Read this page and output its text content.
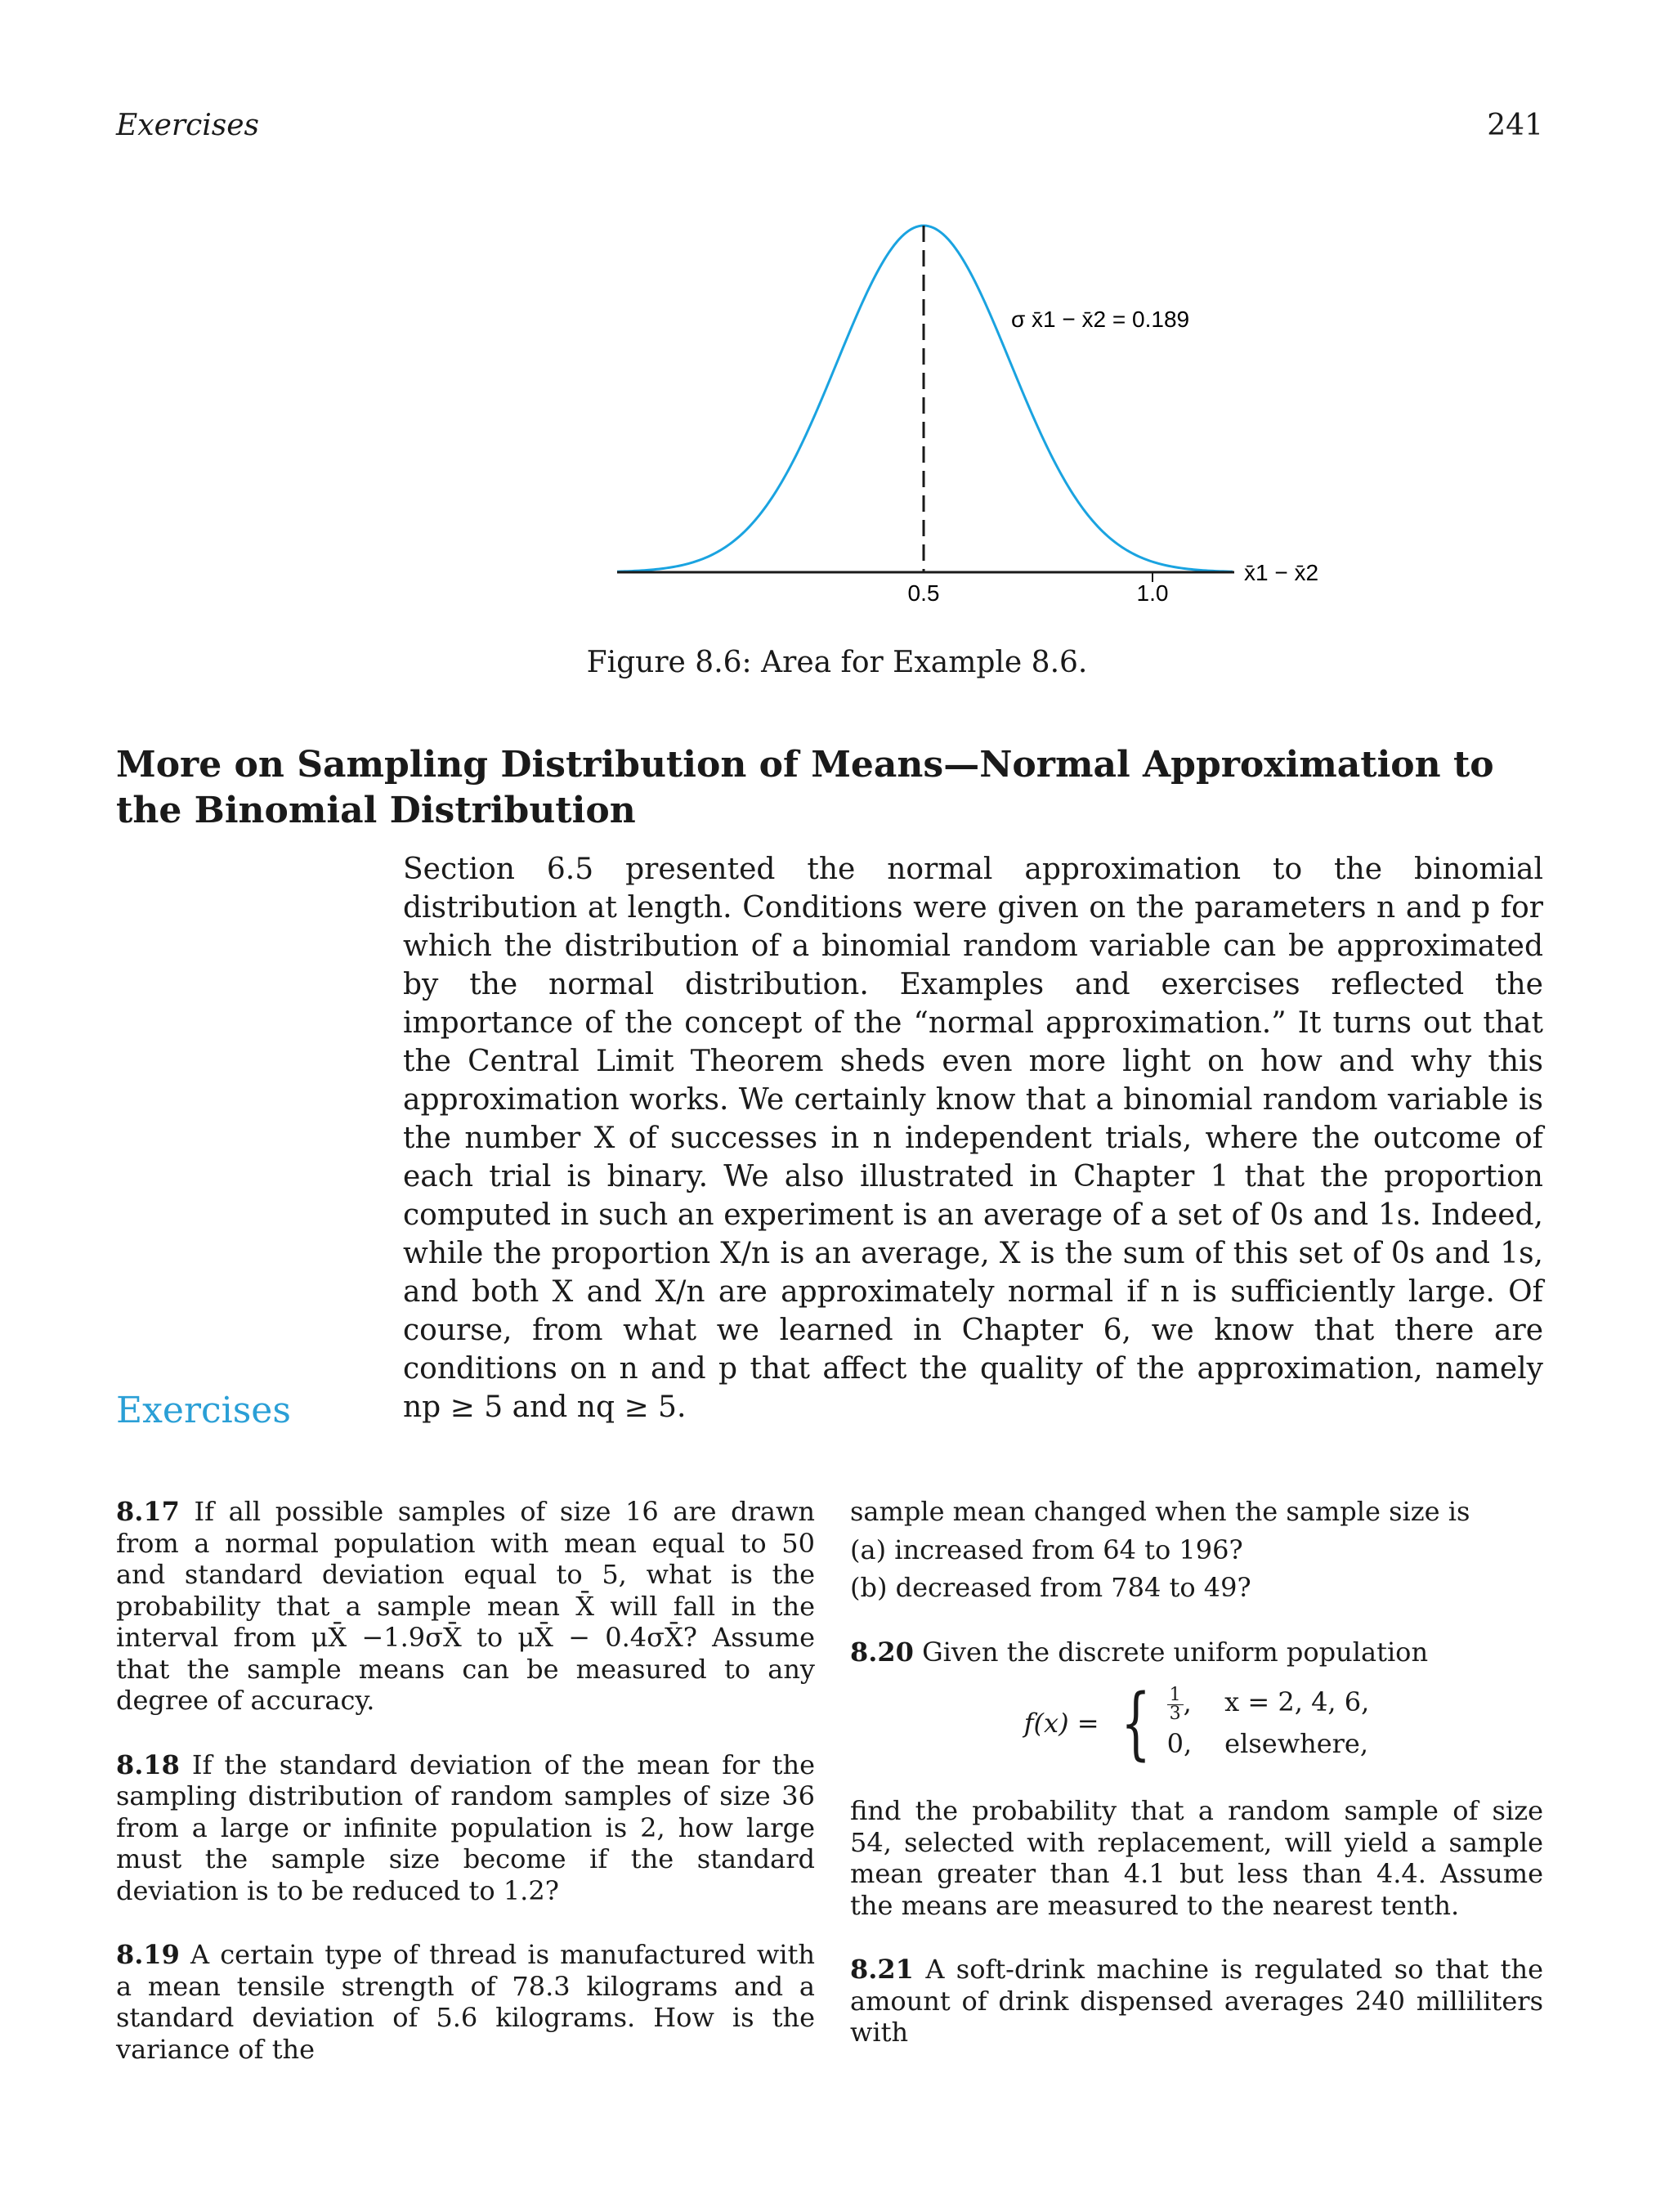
Exercises	241
0.5	1.0
x̄1 − x̄2
σ x̄1 − x̄2 = 0.189
Figure 8.6: Area for Example 8.6.
More on Sampling Distribution of Means—Normal Approximation to the Binomial Distribution
Section 6.5 presented the normal approximation to the binomial distribution at length. Conditions were given on the parameters n and p for which the distribution of a binomial random variable can be approximated by the normal distribution. Examples and exercises reflected the importance of the concept of the “normal approximation.” It turns out that the Central Limit Theorem sheds even more light on how and why this approximation works. We certainly know that a binomial random variable is the number X of successes in n independent trials, where the outcome of each trial is binary. We also illustrated in Chapter 1 that the proportion computed in such an experiment is an average of a set of 0s and 1s. Indeed, while the proportion X/n is an average, X is the sum of this set of 0s and 1s, and both X and X/n are approximately normal if n is sufficiently large. Of course, from what we learned in Chapter 6, we know that there are conditions on n and p that affect the quality of the approximation, namely np ≥ 5 and nq ≥ 5.
Exercises

8.17 If all possible samples of size 16 are drawn from a normal population with mean equal to 50 and standard deviation equal to 5, what is the probability that a sample mean X̄ will fall in the interval from μX̄ −1.9σX̄ to μX̄ − 0.4σX̄? Assume that the sample means can be measured to any degree of accuracy.

8.18 If the standard deviation of the mean for the sampling distribution of random samples of size 36 from a large or infinite population is 2, how large must the sample size become if the standard deviation is to be reduced to 1.2?

8.19 A certain type of thread is manufactured with a mean tensile strength of 78.3 kilograms and a standard deviation of 5.6 kilograms. How is the variance of the

sample mean changed when the sample size is

(a) increased from 64 to 196?
(b) decreased from 784 to 49?

8.20 Given the discrete uniform population

f(x) = { $\frac{1}{3}$ , x = 2, 4, 6,
0, elsewhere,

find the probability that a random sample of size 54, selected with replacement, will yield a sample mean greater than 4.1 but less than 4.4. Assume the means are measured to the nearest tenth.

8.21 A soft-drink machine is regulated so that the amount of drink dispensed averages 240 milliliters with
